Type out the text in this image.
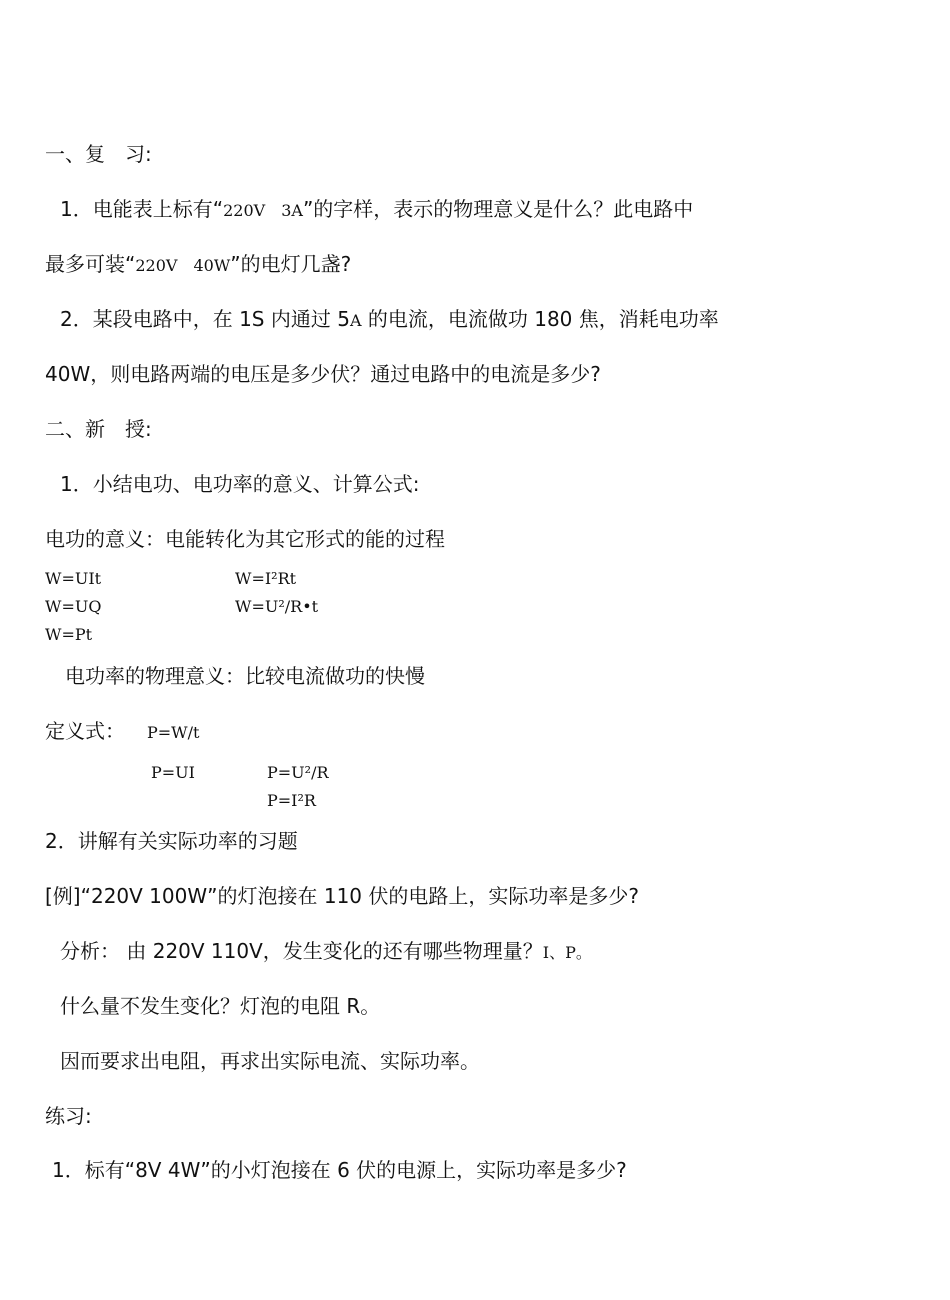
一、复　习:
1．电能表上标有“220V　3A”的字样，表示的物理意义是什么？此电路中
最多可装“220V　40W”的电灯几盏?
2．某段电路中，在 1S 内通过 5A 的电流，电流做功 180 焦，消耗电功率
40W，则电路两端的电压是多少伏？通过电路中的电流是多少?
二、新　授:
1．小结电功、电功率的意义、计算公式:
电功的意义：电能转化为其它形式的能的过程
W=UIt	W=I²Rt
W=UQ	W=U²/R•t
W=Pt
电功率的物理意义：比较电流做功的快慢
定义式： P=W/t
P=UI	P=U²/R
P=I²R
2．讲解有关实际功率的习题
[例]“220V 100W”的灯泡接在 110 伏的电路上，实际功率是多少?
分析： 由 220V 110V，发生变化的还有哪些物理量？I、P。
什么量不发生变化？灯泡的电阻 R。
因而要求出电阻，再求出实际电流、实际功率。
练习:
1．标有“8V 4W”的小灯泡接在 6 伏的电源上，实际功率是多少?
